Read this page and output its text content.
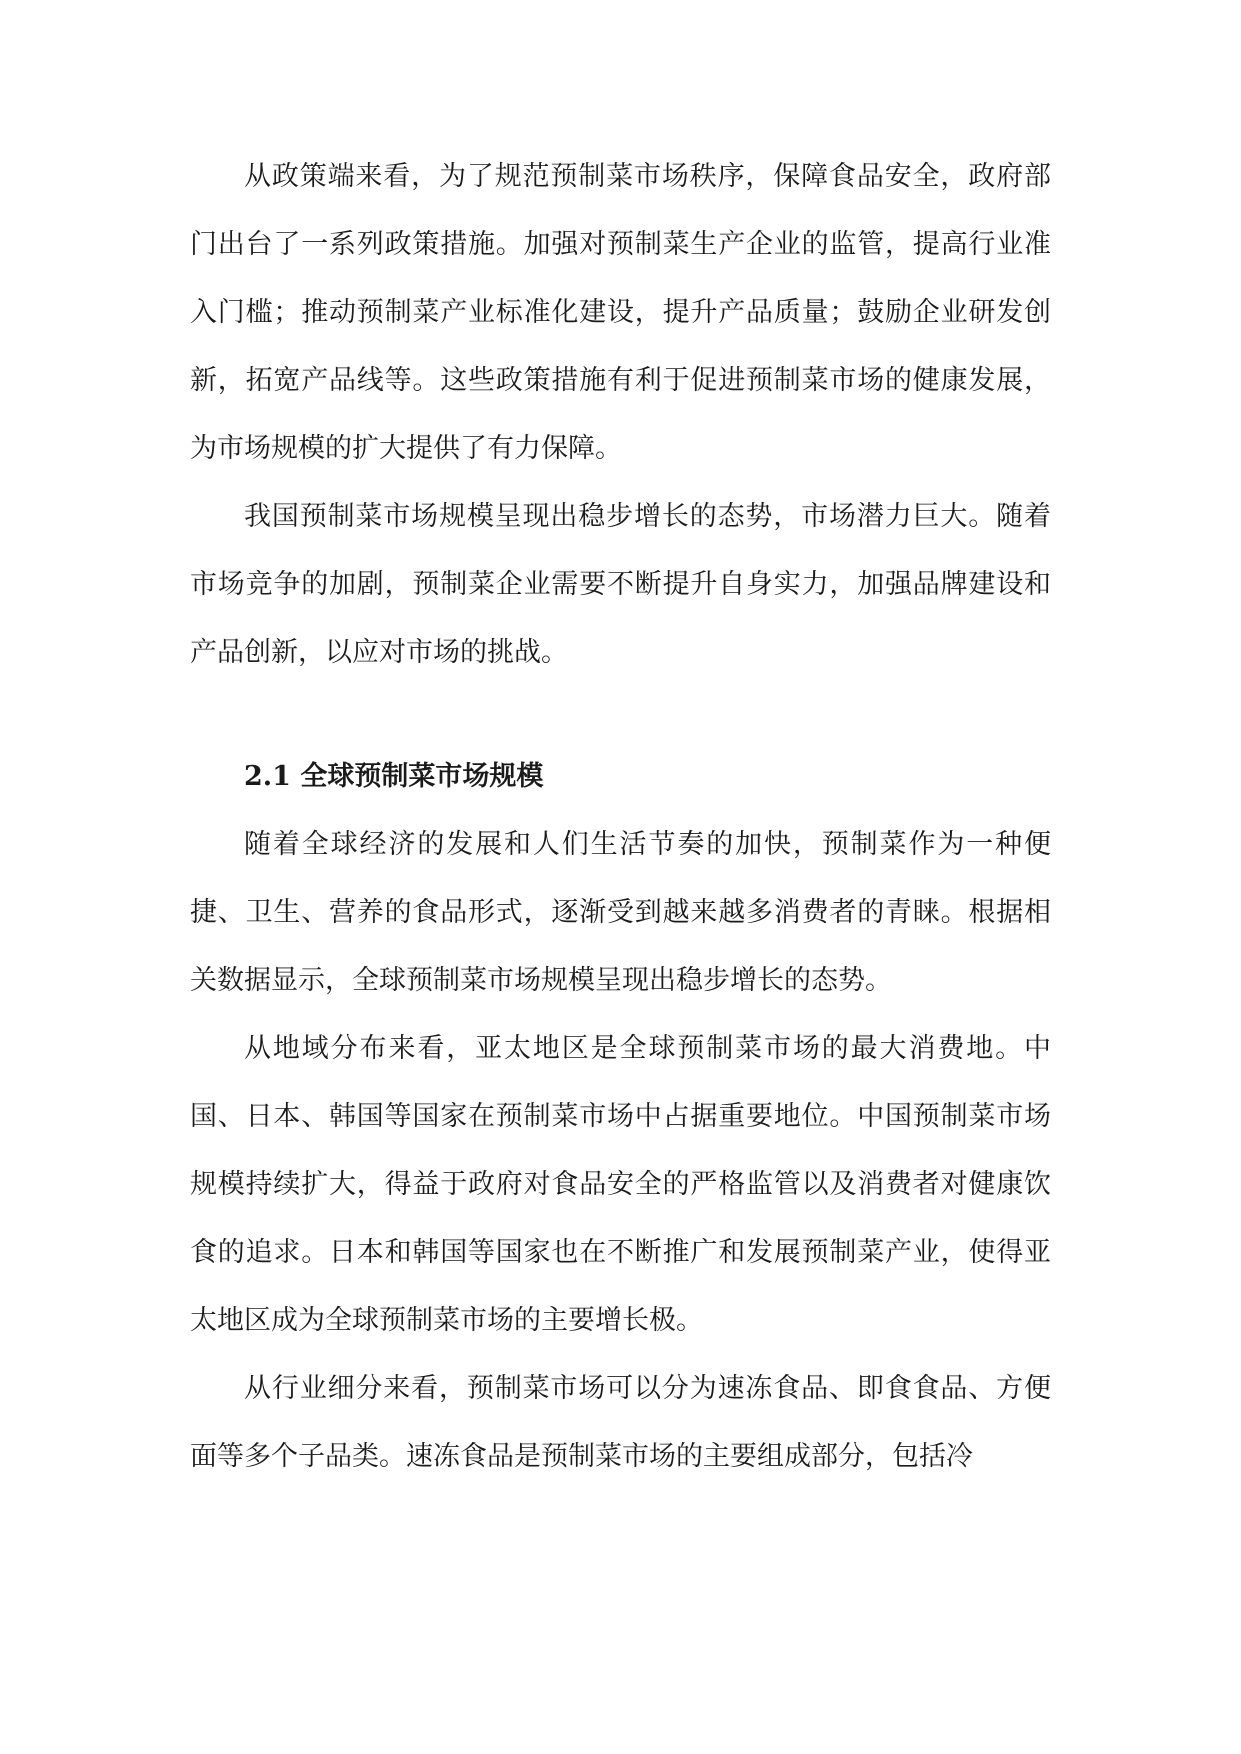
从政策端来看，为了规范预制菜市场秩序，保障食品安全，政府部门出台了一系列政策措施。加强对预制菜生产企业的监管，提高行业准入门槛；推动预制菜产业标准化建设，提升产品质量；鼓励企业研发创新，拓宽产品线等。这些政策措施有利于促进预制菜市场的健康发展，为市场规模的扩大提供了有力保障。

我国预制菜市场规模呈现出稳步增长的态势，市场潜力巨大。随着市场竞争的加剧，预制菜企业需要不断提升自身实力，加强品牌建设和产品创新，以应对市场的挑战。

2.1 全球预制菜市场规模

随着全球经济的发展和人们生活节奏的加快，预制菜作为一种便捷、卫生、营养的食品形式，逐渐受到越来越多消费者的青睐。根据相关数据显示，全球预制菜市场规模呈现出稳步增长的态势。

从地域分布来看，亚太地区是全球预制菜市场的最大消费地。中国、日本、韩国等国家在预制菜市场中占据重要地位。中国预制菜市场规模持续扩大，得益于政府对食品安全的严格监管以及消费者对健康饮食的追求。日本和韩国等国家也在不断推广和发展预制菜产业，使得亚太地区成为全球预制菜市场的主要增长极。

从行业细分来看，预制菜市场可以分为速冻食品、即食食品、方便面等多个子品类。速冻食品是预制菜市场的主要组成部分，包括冷
